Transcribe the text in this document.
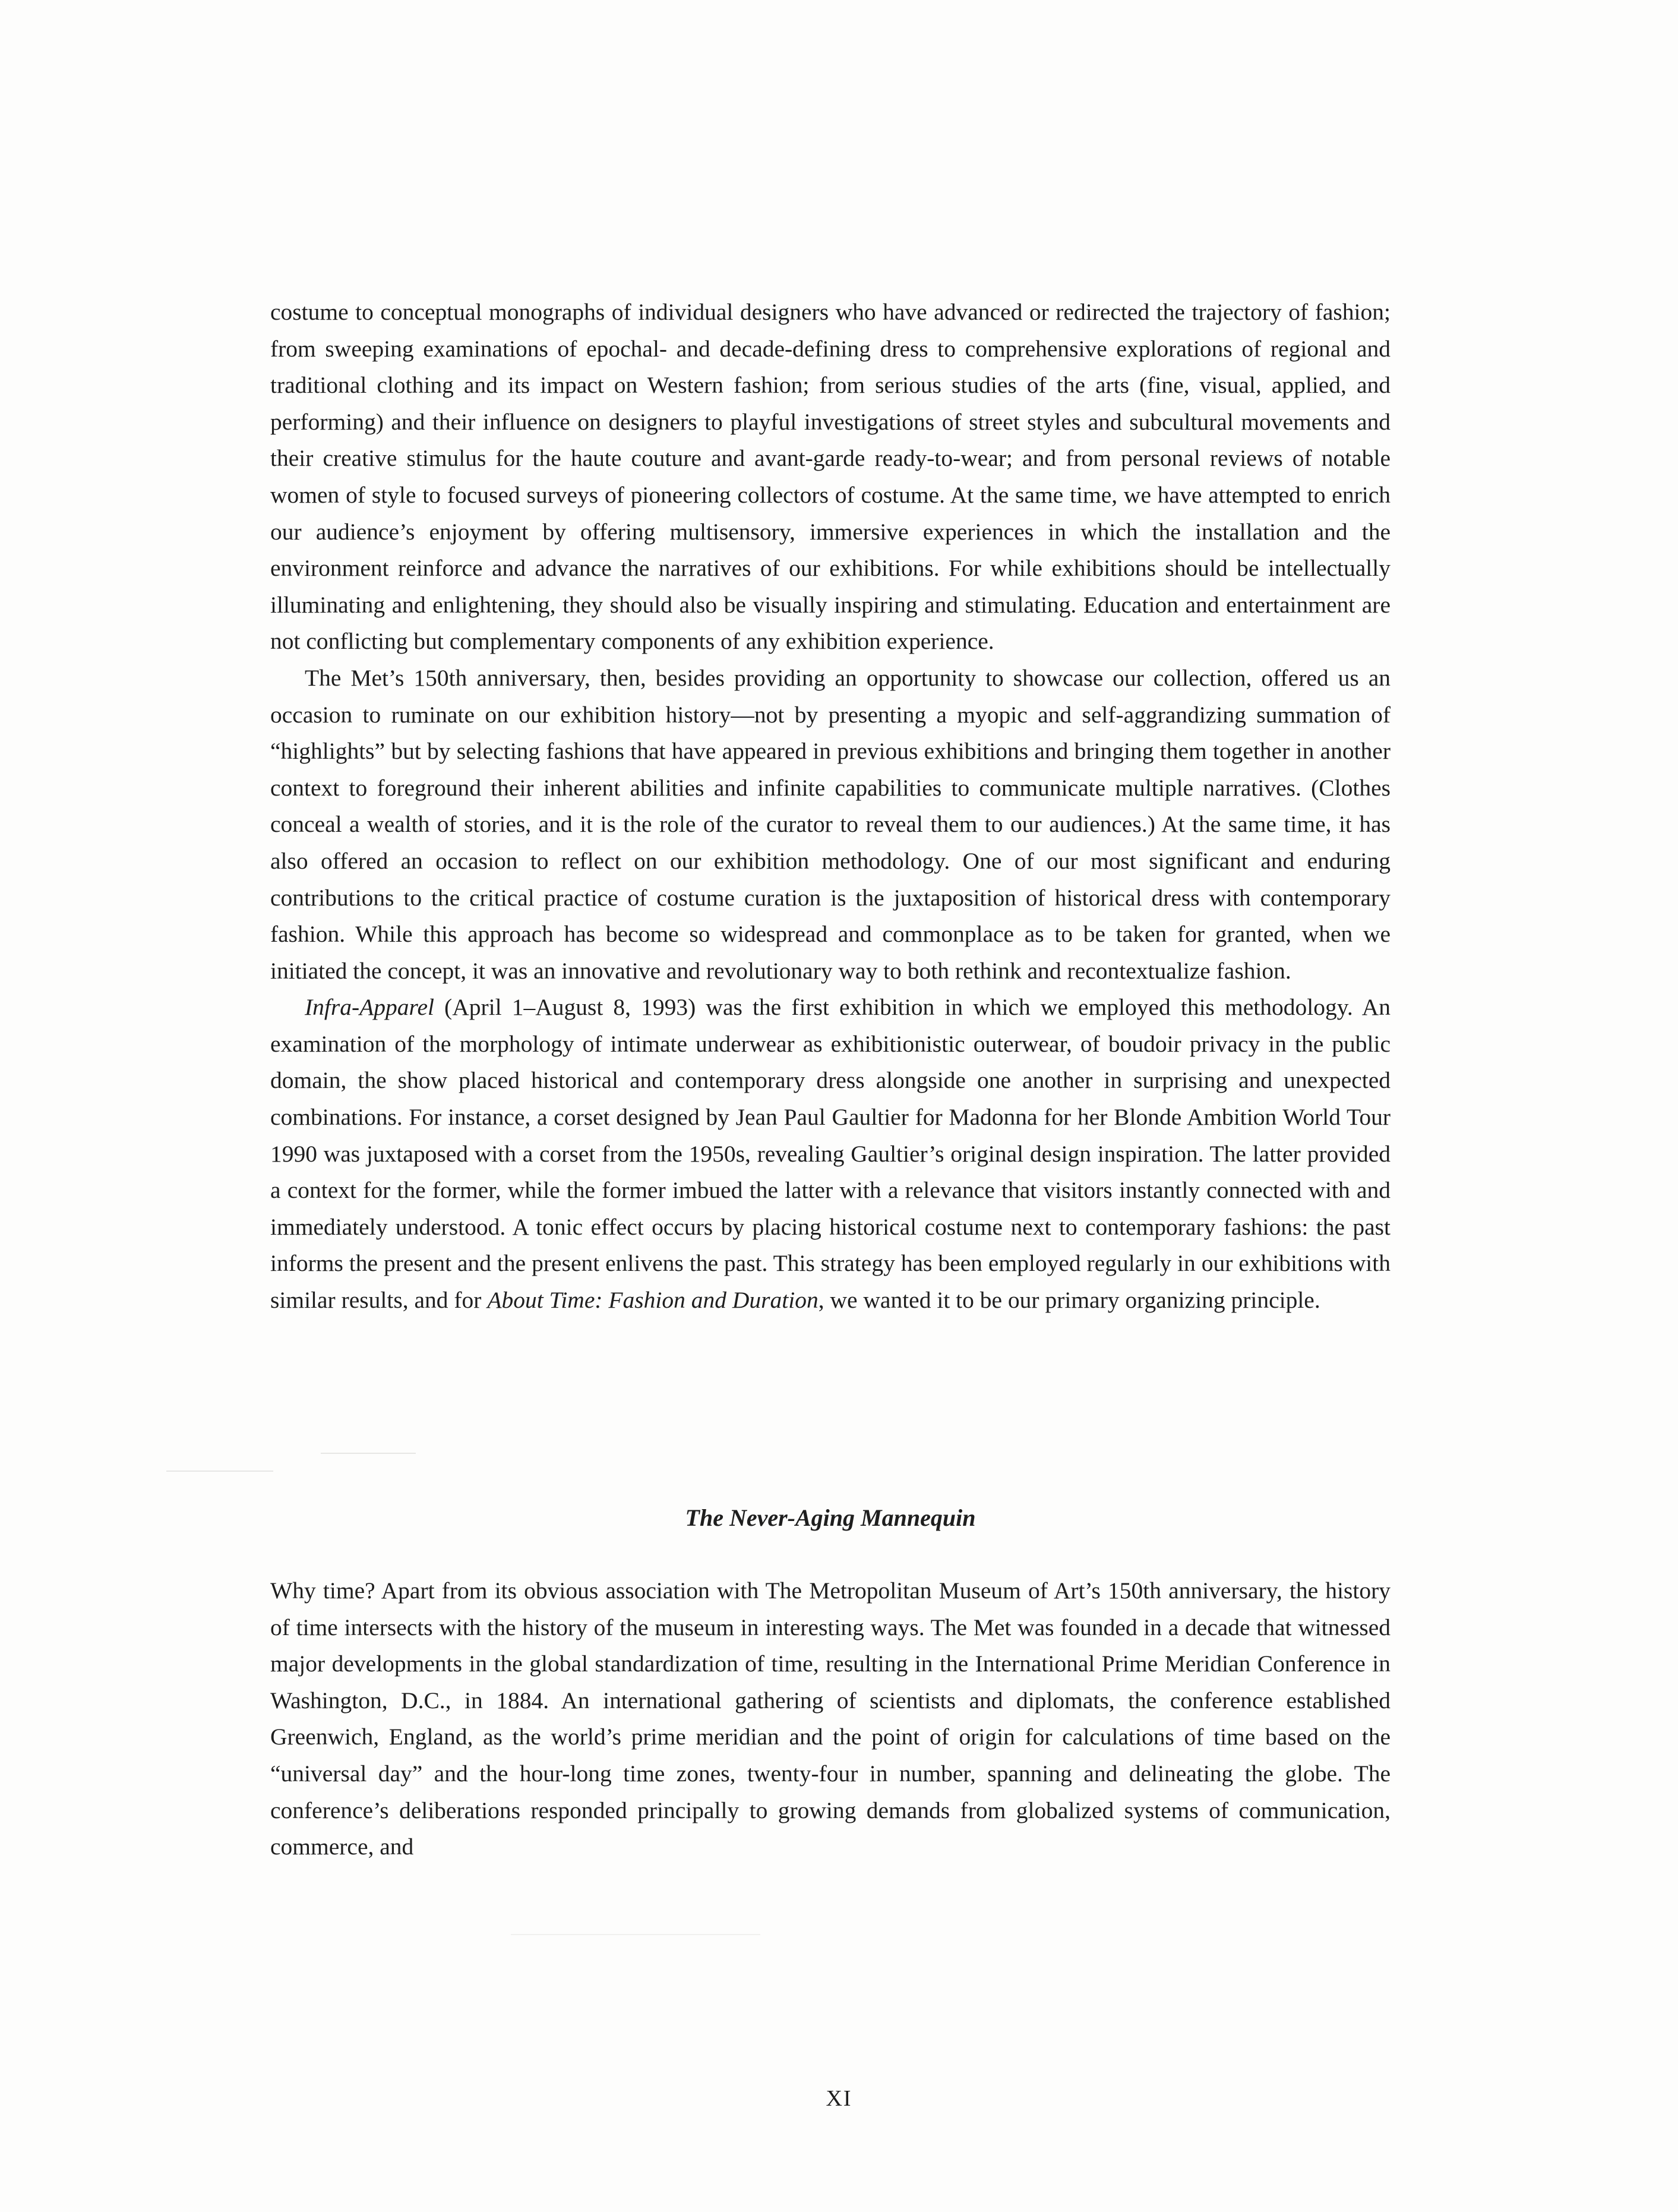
costume to conceptual monographs of individual designers who have advanced or redirected the trajectory of fashion; from sweeping examinations of epochal- and decade-defining dress to comprehensive explorations of regional and traditional clothing and its impact on Western fashion; from serious studies of the arts (fine, visual, applied, and performing) and their influence on designers to playful investigations of street styles and subcultural movements and their creative stimulus for the haute couture and avant-garde ready-to-wear; and from personal reviews of notable women of style to focused surveys of pioneering collectors of costume. At the same time, we have attempted to enrich our audience’s enjoyment by offering multisensory, immersive experiences in which the installation and the environment reinforce and advance the narratives of our exhibitions. For while exhibitions should be intellectually illuminating and enlightening, they should also be visually inspiring and stimulating. Education and entertainment are not conflicting but complementary components of any exhibition experience.

The Met’s 150th anniversary, then, besides providing an opportunity to showcase our collection, offered us an occasion to ruminate on our exhibition history—not by presenting a myopic and self-aggrandizing summation of “highlights” but by selecting fashions that have appeared in previous exhibitions and bringing them together in another context to foreground their inherent abilities and infinite capabilities to communicate multiple narratives. (Clothes conceal a wealth of stories, and it is the role of the curator to reveal them to our audiences.) At the same time, it has also offered an occasion to reflect on our exhibition methodology. One of our most significant and enduring contributions to the critical practice of costume curation is the juxtaposition of historical dress with contemporary fashion. While this approach has become so widespread and commonplace as to be taken for granted, when we initiated the concept, it was an innovative and revolutionary way to both rethink and recontextualize fashion.

Infra-Apparel (April 1–August 8, 1993) was the first exhibition in which we employed this methodology. An examination of the morphology of intimate underwear as exhibitionistic outerwear, of boudoir privacy in the public domain, the show placed historical and contemporary dress alongside one another in surprising and unexpected combinations. For instance, a corset designed by Jean Paul Gaultier for Madonna for her Blonde Ambition World Tour 1990 was juxtaposed with a corset from the 1950s, revealing Gaultier’s original design inspiration. The latter provided a context for the former, while the former imbued the latter with a relevance that visitors instantly connected with and immediately understood. A tonic effect occurs by placing historical costume next to contemporary fashions: the past informs the present and the present enlivens the past. This strategy has been employed regularly in our exhibitions with similar results, and for About Time: Fashion and Duration, we wanted it to be our primary organizing principle.

The Never-Aging Mannequin

Why time? Apart from its obvious association with The Metropolitan Museum of Art’s 150th anniversary, the history of time intersects with the history of the museum in interesting ways. The Met was founded in a decade that witnessed major developments in the global standardization of time, resulting in the International Prime Meridian Conference in Washington, D.C., in 1884. An international gathering of scientists and diplomats, the conference established Greenwich, England, as the world’s prime meridian and the point of origin for calculations of time based on the “universal day” and the hour-long time zones, twenty-four in number, spanning and delineating the globe. The conference’s deliberations responded principally to growing demands from globalized systems of communication, commerce, and

XI
